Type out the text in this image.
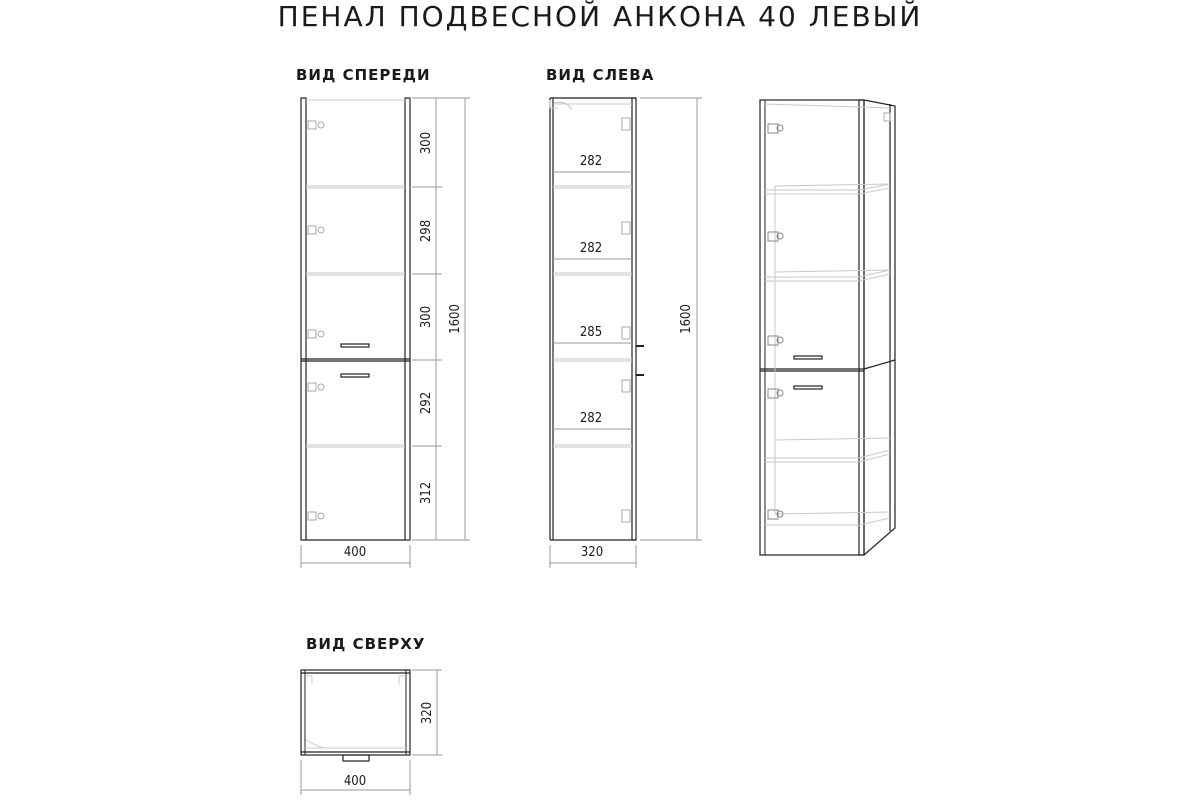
ПЕНАЛ ПОДВЕСНОЙ АНКОНА 40 ЛЕВЫЙ
ВИД СПЕРЕДИ	ВИД СЛЕВА
ВИД СВЕРХУ
300
298
300
292
312
1600
400
282
282
285
282
1600
320
320
400
